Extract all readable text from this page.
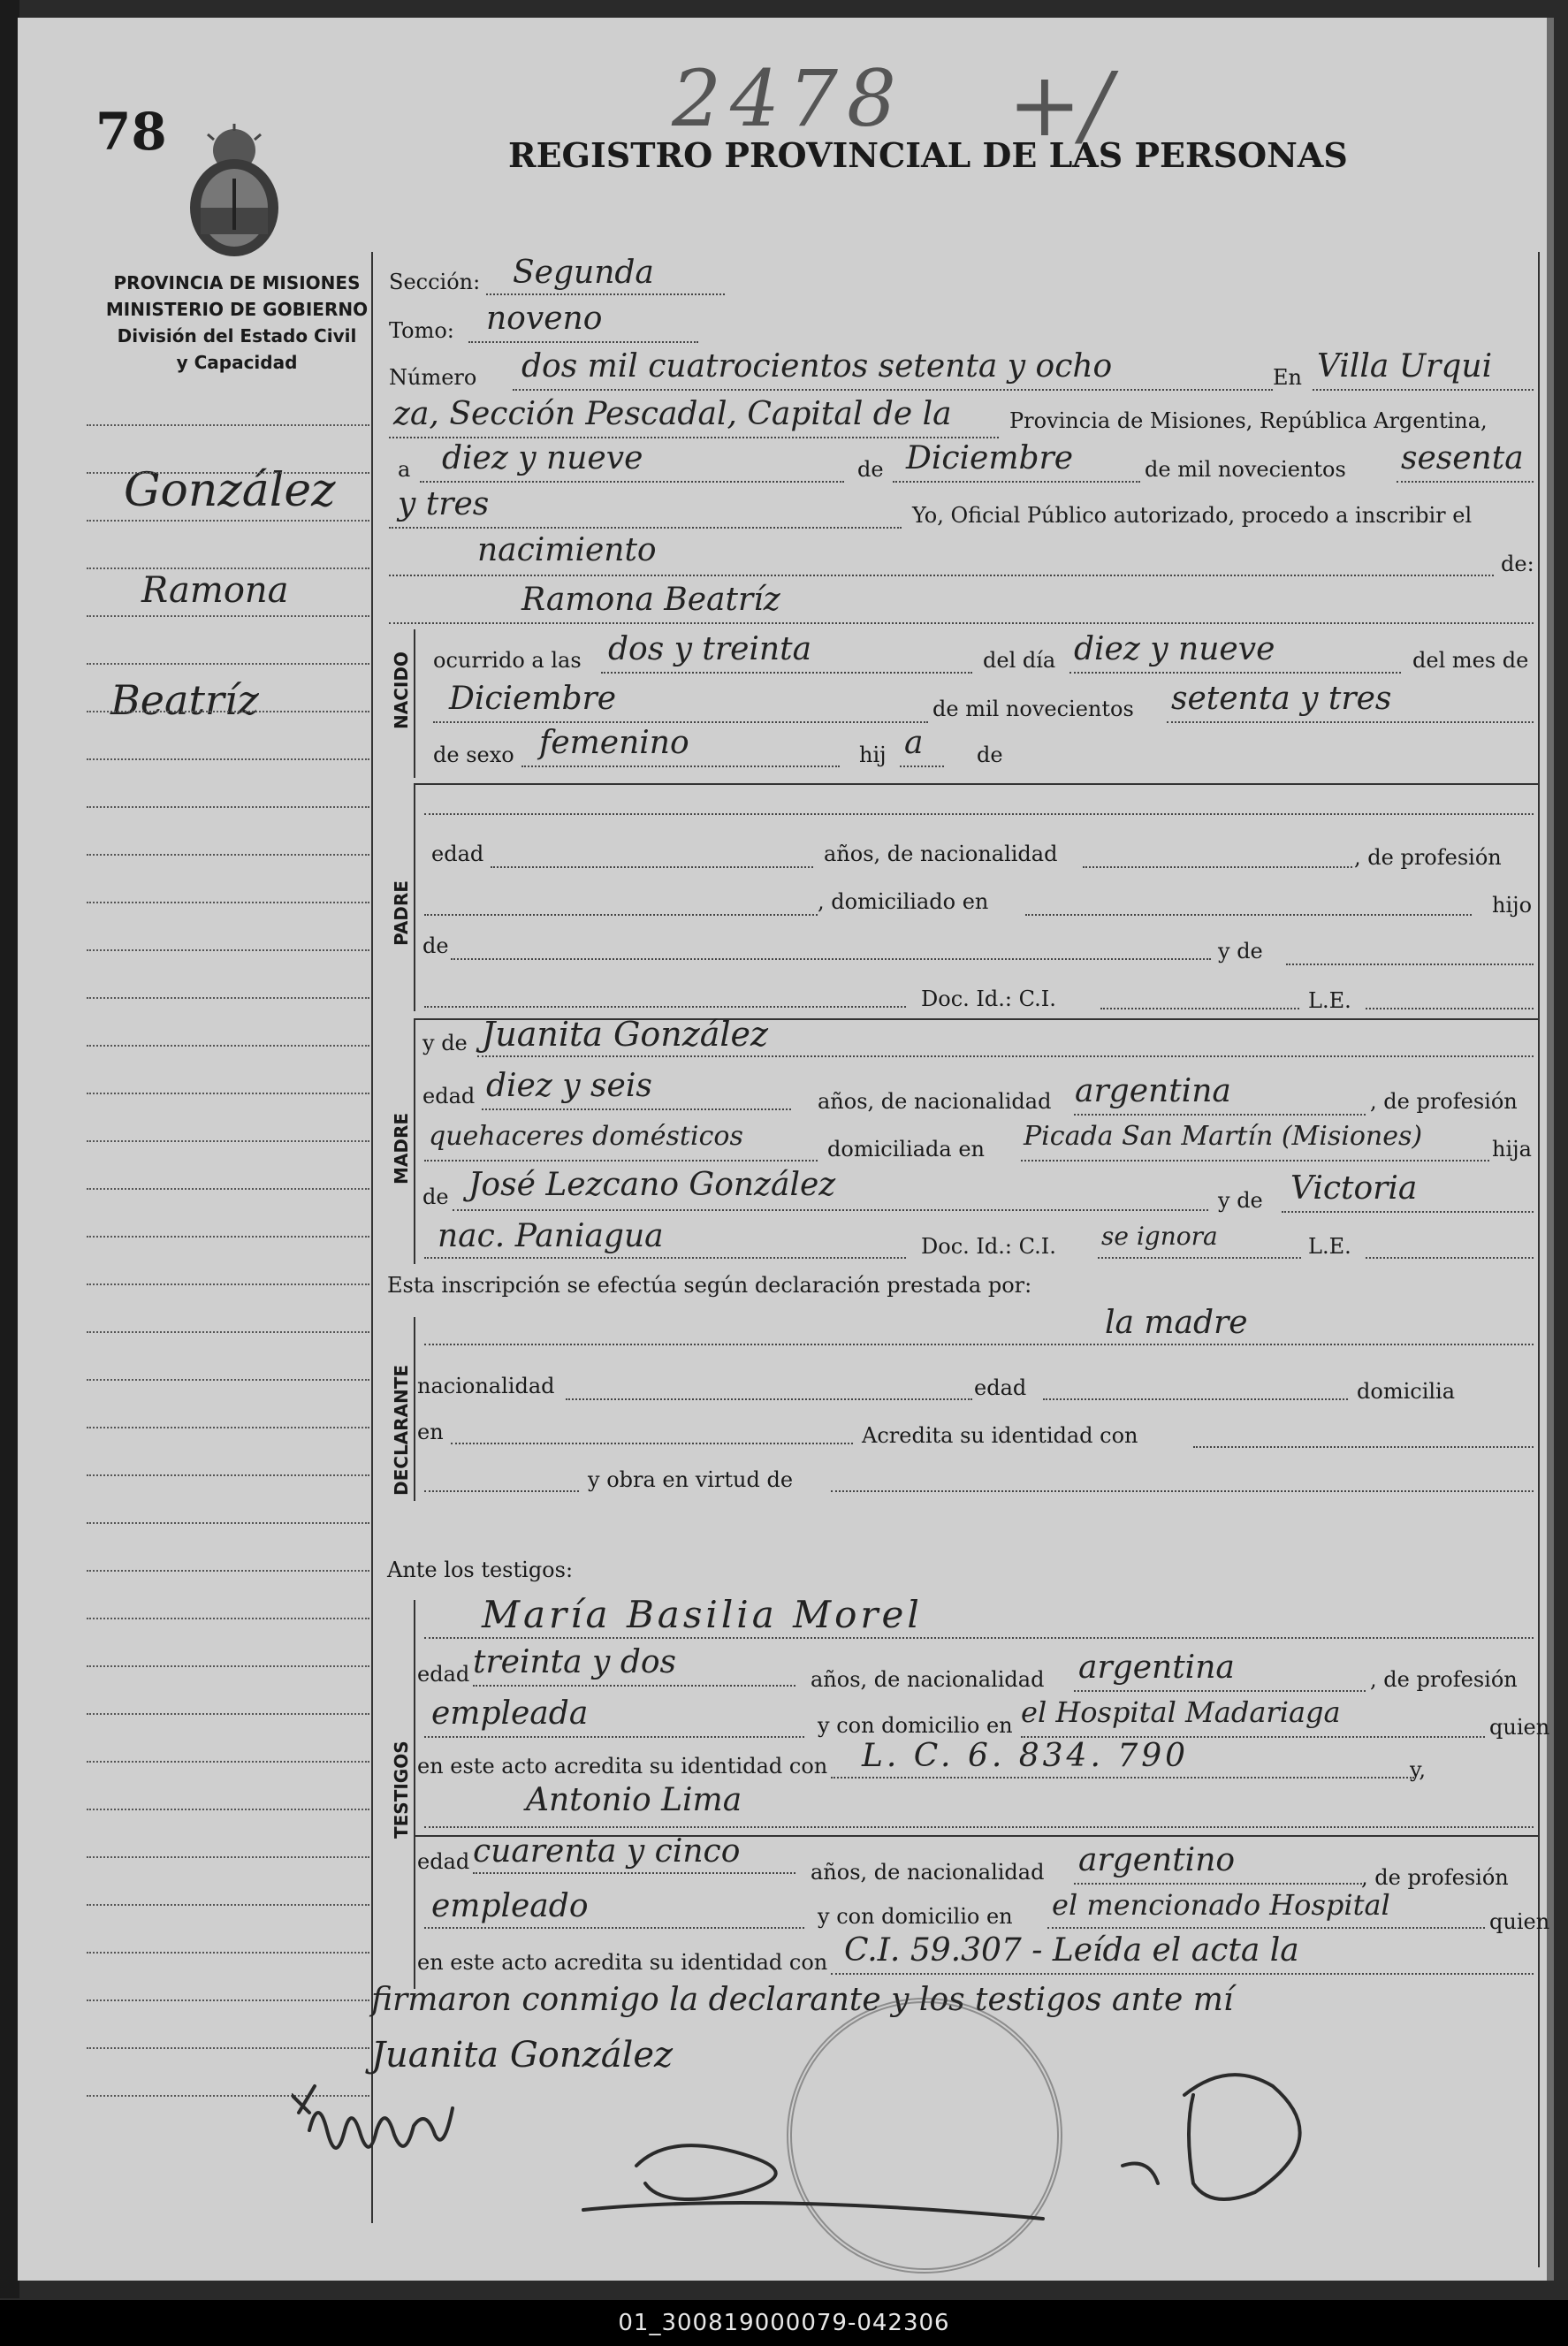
78	2478 +/
REGISTRO PROVINCIAL DE LAS PERSONAS
PROVINCIA DE MISIONES
MINISTERIO DE GOBIERNO
División del Estado Civil
y Capacidad
González
Ramona
Beatríz
Sección: Segunda
Tomo: noveno
Número dos mil cuatrocientos setenta y ocho	En Villa Urqui
za, Sección Pescadal, Capital de la	Provincia de Misiones, República Argentina,
a diez y nueve	de Diciembre	de mil novecientos sesenta
y tres	Yo, Oficial Público autorizado, procedo a inscribir el
nacimiento	de:
Ramona Beatríz
NACIDO ocurrido a las dos y treinta	del día diez y nueve	del mes de
Diciembre	de mil novecientos setenta y tres
de sexo femenino	hij a	de
PADRE
edad	años, de nacionalidad	, de profesión
, domiciliado en	hijo
de	y de
Doc. Id.: C.I.	L.E.
MADRE
y de Juanita González
edad diez y seis	años, de nacionalidad argentina	, de profesión
quehaceres domésticos	domiciliada en Picada San Martín (Misiones)	hija
de José Lezcano González	y de Victoria
nac. Paniagua	Doc. Id.: C.I. se ignora	L.E.
Esta inscripción se efectúa según declaración prestada por:
DECLARANTE
la madre
nacionalidad	edad	domicilia
en	Acredita su identidad con
y obra en virtud de
Ante los testigos:
TESTIGOS
María Basilia Morel
edad treinta y dos	años, de nacionalidad argentina	, de profesión
empleada	y con domicilio en el Hospital Madariaga	quien
en este acto acredita su identidad con L. C. 6. 834. 790	y,
Antonio Lima
edad cuarenta y cinco
años, de nacionalidad argentino	, de profesión
empleado	y con domicilio en el mencionado Hospital	quien
en este acto acredita su identidad con C.I. 59.307 - Leída el acta la
firmaron conmigo la declarante y los testigos ante mí
Juanita González
01_300819000079-042306
